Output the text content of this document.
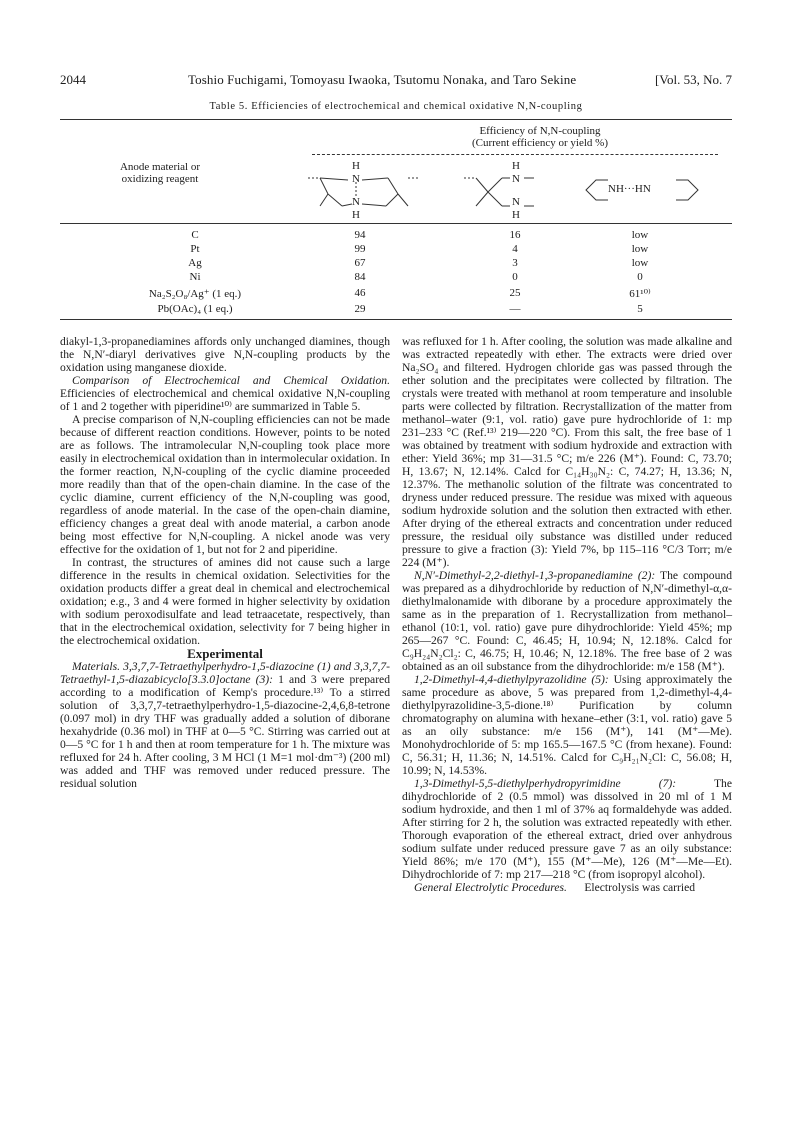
2044	Toshio Fuchigami, Tomoyasu Iwaoka, Tsutomu Nonaka, and Taro Sekine	[Vol. 53, No. 7
Table 5. Efficiencies of electrochemical and chemical oxidative N,N-coupling
Efficiency of N,N-coupling
(Current efficiency or yield %)
Anode material or
oxidizing reagent
H
N
N
H
H
N
N
H
NH···HN
C	94	16	low
Pt	99	4	low
Ag	67	3	low
Ni	84	0	0
Na₂S₂O₈/Ag⁺ (1 eq.)	46	25	61¹⁰⁾
Pb(OAc)₄ (1 eq.)	29	—	5

diakyl-1,3-propanediamines affords only unchanged diamines, though the N,N′-diaryl derivatives give N,N-coupling products by the oxidation using manganese dioxide.

Comparison of Electrochemical and Chemical Oxidation. Efficiencies of electrochemical and chemical oxidative N,N-coupling of 1 and 2 together with piperidine¹⁰⁾ are summarized in Table 5.

A precise comparison of N,N-coupling efficiencies can not be made because of different reaction conditions. However, points to be noted are as follows. The intramolecular N,N-coupling took place more easily in electrochemical oxidation than in intermolecular oxidation. In the former reaction, N,N-coupling of the cyclic diamine proceeded more readily than that of the open-chain diamine. In the case of the cyclic diamine, current efficiency of the N,N-coupling was good, regardless of anode material. In the case of the open-chain diamine, efficiency changes a great deal with anode material, a carbon anode being most effective for N,N-coupling. A nickel anode was very effective for the oxidation of 1, but not for 2 and piperidine.

In contrast, the structures of amines did not cause such a large difference in the results in chemical oxidation. Selectivities for the oxidation products differ a great deal in chemical and electrochemical oxidation; e.g., 3 and 4 were formed in higher selectivity by oxidation with sodium peroxodisulfate and lead tetraacetate, respectively, than that in the electrochemical oxidation, selectivity for 7 being higher in the electrochemical oxidation.

Experimental

Materials. 3,3,7,7-Tetraethylperhydro-1,5-diazocine (1) and 3,3,7,7-Tetraethyl-1,5-diazabicyclo[3.3.0]octane (3): 1 and 3 were prepared according to a modification of Kemp's procedure.¹³⁾ To a stirred solution of 3,3,7,7-tetraethylperhydro-1,5-diazocine-2,4,6,8-tetrone (0.097 mol) in dry THF was gradually added a solution of diborane hexahydride (0.36 mol) in THF at 0—5 °C. Stirring was carried out at 0—5 °C for 1 h and then at room temperature for 1 h. The mixture was refluxed for 24 h. After cooling, 3 M HCl (1 M=1 mol·dm⁻³) (200 ml) was added and THF was removed under reduced pressure. The residual solution

was refluxed for 1 h. After cooling, the solution was made alkaline and was extracted repeatedly with ether. The extracts were dried over Na₂SO₄ and filtered. Hydrogen chloride gas was passed through the ether solution and the precipitates were collected by filtration. The crystals were treated with methanol at room temperature and insoluble parts were collected by filtration. Recrystallization of the matter from methanol–water (9:1, vol. ratio) gave pure hydrochloride of 1: mp 231–233 °C (Ref.¹³⁾ 219—220 °C). From this salt, the free base of 1 was obtained by treatment with sodium hydroxide and extraction with ether: Yield 36%; mp 31—31.5 °C; m/e 226 (M⁺). Found: C, 73.70; H, 13.67; N, 12.14%. Calcd for C₁₄H₃₀N₂: C, 74.27; H, 13.36; N, 12.37%. The methanolic solution of the filtrate was concentrated to dryness under reduced pressure. The residue was mixed with aqueous sodium hydroxide solution and the solution then extracted with ether. After drying of the ethereal extracts and concentration under reduced pressure, the residual oily substance was distilled under reduced pressure to give a fraction (3): Yield 7%, bp 115–116 °C/3 Torr; m/e 224 (M⁺).

N,N′-Dimethyl-2,2-diethyl-1,3-propanediamine (2): The compound was prepared as a dihydrochloride by reduction of N,N′-dimethyl-α,α-diethylmalonamide with diborane by a procedure approximately the same as in the preparation of 1. Recrystallization from methanol–ethanol (10:1, vol. ratio) gave pure dihydrochloride: Yield 45%; mp 265—267 °C. Found: C, 46.45; H, 10.94; N, 12.18%. Calcd for C₉H₂₄N₂Cl₂: C, 46.75; H, 10.46; N, 12.18%. The free base of 2 was obtained as an oil substance from the dihydrochloride: m/e 158 (M⁺).

1,2-Dimethyl-4,4-diethylpyrazolidine (5): Using approximately the same procedure as above, 5 was prepared from 1,2-dimethyl-4,4-diethylpyrazolidine-3,5-dione.¹⁸⁾ Purification by column chromatography on alumina with hexane–ether (3:1, vol. ratio) gave 5 as an oily substance: m/e 156 (M⁺), 141 (M⁺—Me). Monohydrochloride of 5: mp 165.5—167.5 °C (from hexane). Found: C, 56.31; H, 11.36; N, 14.51%. Calcd for C₉H₂₁N₂Cl: C, 56.08; H, 10.99; N, 14.53%.

1,3-Dimethyl-5,5-diethylperhydropyrimidine (7): The dihydrochloride of 2 (0.5 mmol) was dissolved in 20 ml of 1 M sodium hydroxide, and then 1 ml of 37% aq formaldehyde was added. After stirring for 2 h, the solution was extracted repeatedly with ether. Thorough evaporation of the ethereal extract, dried over anhydrous sodium sulfate under reduced pressure gave 7 as an oily substance: Yield 86%; m/e 170 (M⁺), 155 (M⁺—Me), 126 (M⁺—Me—Et). Dihydrochloride of 7: mp 217—218 °C (from isopropyl alcohol).

General Electrolytic Procedures.      Electrolysis was carried
